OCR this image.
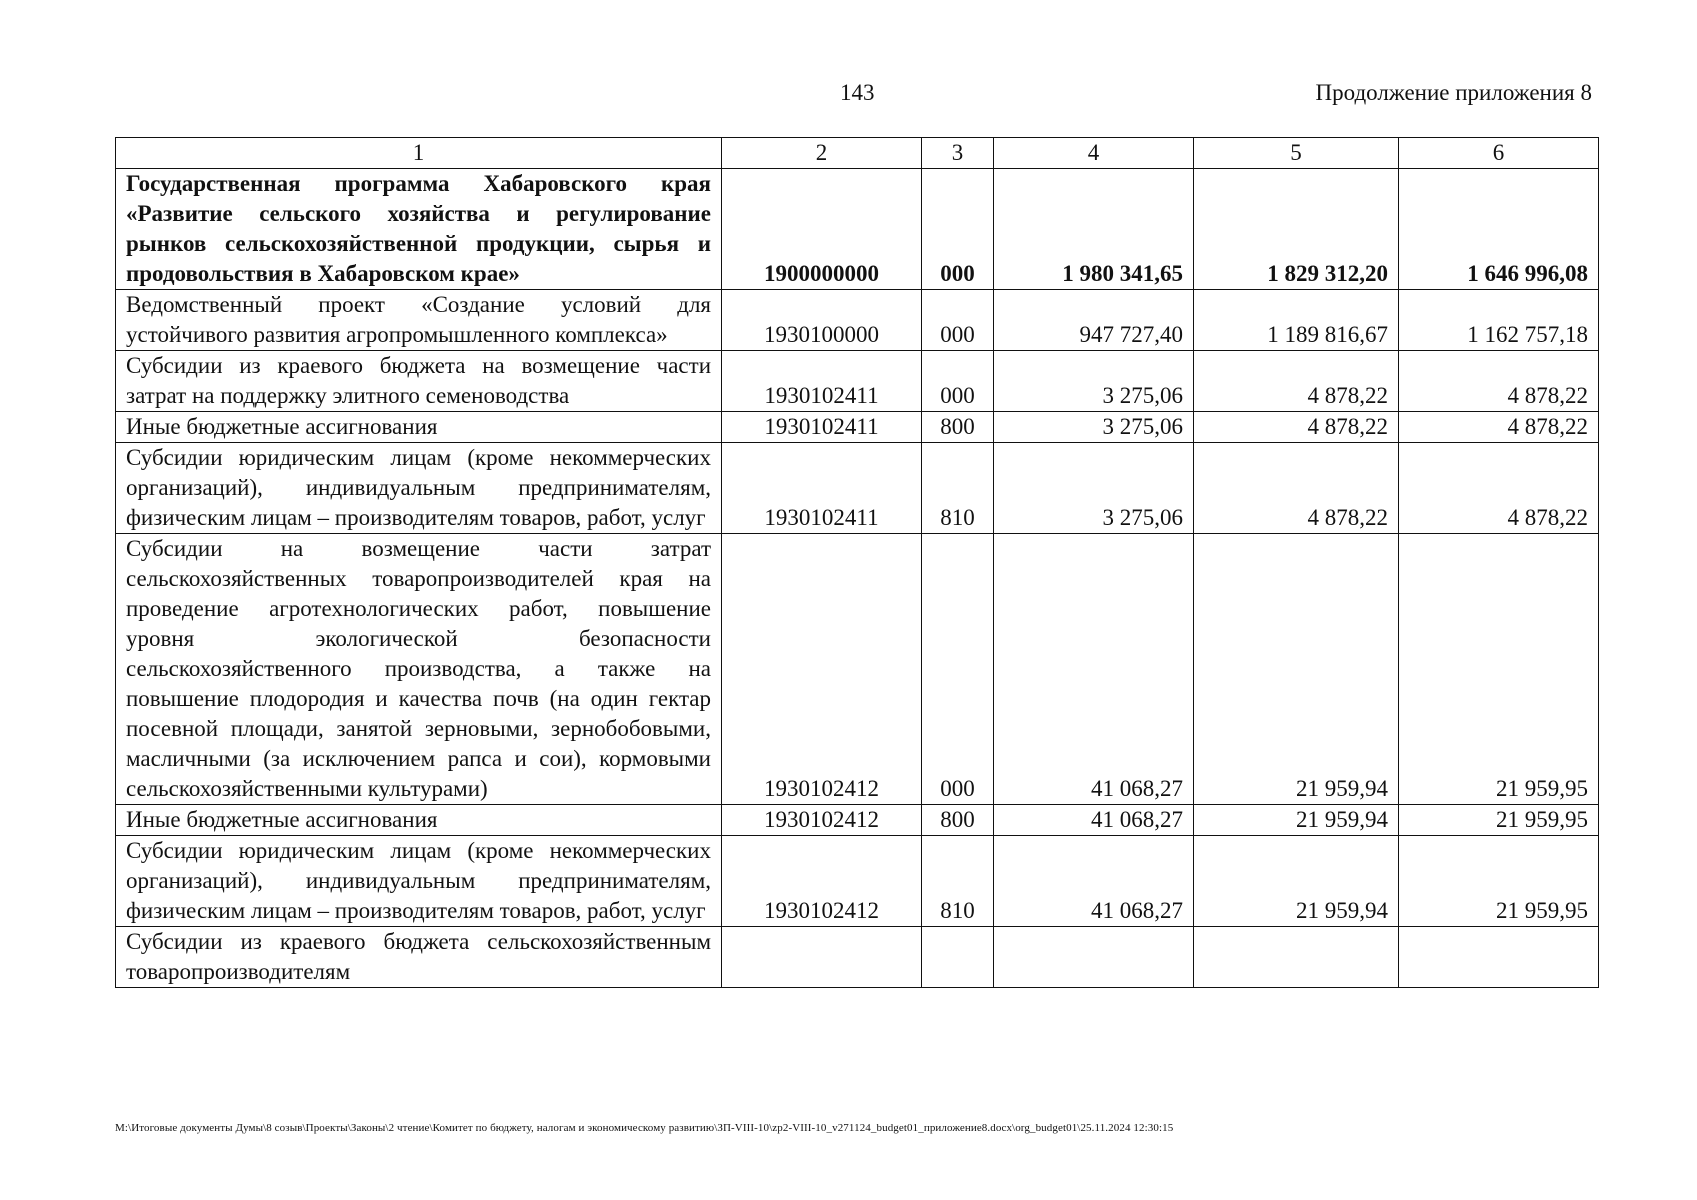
143	Продолжение приложения 8
1	2	3	4	5	6
Государственная программа Хабаровского края «Развитие сельского хозяйства и регулирование рынков сельскохозяйственной продукции, сырья и продовольствия в Хабаровском крае»	1900000000	000	1 980 341,65	1 829 312,20	1 646 996,08
Ведомственный проект «Создание условий для устойчивого развития агропромышленного комплекса»	1930100000	000	947 727,40	1 189 816,67	1 162 757,18
Субсидии из краевого бюджета на возмещение части затрат на поддержку элитного семеноводства	1930102411	000	3 275,06	4 878,22	4 878,22
Иные бюджетные ассигнования	1930102411	800	3 275,06	4 878,22	4 878,22
Субсидии юридическим лицам (кроме некоммерческих организаций), индивидуальным предпринимателям, физическим лицам – производителям товаров, работ, услуг	1930102411	810	3 275,06	4 878,22	4 878,22
Субсидии на возмещение части затрат сельскохозяйственных товаропроизводителей края на проведение агротехнологических работ, повышение уровня экологической безопасности сельскохозяйственного производства, а также на повышение плодородия и качества почв (на один гектар посевной площади, занятой зерновыми, зернобобовыми, масличными (за исключением рапса и сои), кормовыми сельскохозяйственными культурами)	1930102412	000	41 068,27	21 959,94	21 959,95
Иные бюджетные ассигнования	1930102412	800	41 068,27	21 959,94	21 959,95
Субсидии юридическим лицам (кроме некоммерческих организаций), индивидуальным предпринимателям, физическим лицам – производителям товаров, работ, услуг	1930102412	810	41 068,27	21 959,94	21 959,95
Субсидии из краевого бюджета сельскохозяйственным товаропроизводителям					
M:\Итоговые документы Думы\8 созыв\Проекты\Законы\2 чтение\Комитет по бюджету, налогам и экономическому развитию\ЗП-VIII-10\zp2-VIII-10_v271124_budget01_приложение8.docx\org_budget01\25.11.2024 12:30:15
